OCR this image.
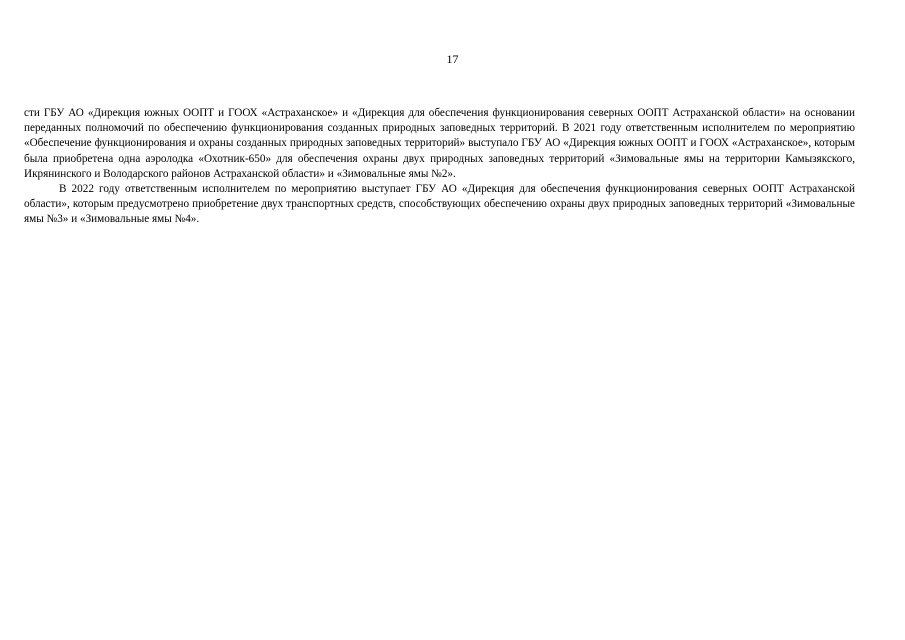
17

сти ГБУ АО «Дирекция южных ООПТ и ГООХ «Астраханское» и «Дирекция для обеспечения функционирования северных ООПТ Астраханской области» на основании переданных полномочий по обеспечению функционирования созданных природных заповедных территорий. В 2021 году ответственным исполнителем по мероприятию «Обеспечение функционирования и охраны созданных природных заповедных территорий» выступало ГБУ АО «Дирекция южных ООПТ и ГООХ «Астраханское», которым была приобретена одна аэролодка «Охотник-650» для обеспечения охраны двух природных заповедных территорий «Зимовальные ямы на территории Камызякского, Икрянинского и Володарского районов Астраханской области» и «Зимовальные ямы №2».

В 2022 году ответственным исполнителем по мероприятию выступает ГБУ АО «Дирекция для обеспечения функционирования северных ООПТ Астраханской области», которым предусмотрено приобретение двух транспортных средств, способствующих обеспечению охраны двух природных заповедных территорий «Зимовальные ямы №3» и «Зимовальные ямы №4».
